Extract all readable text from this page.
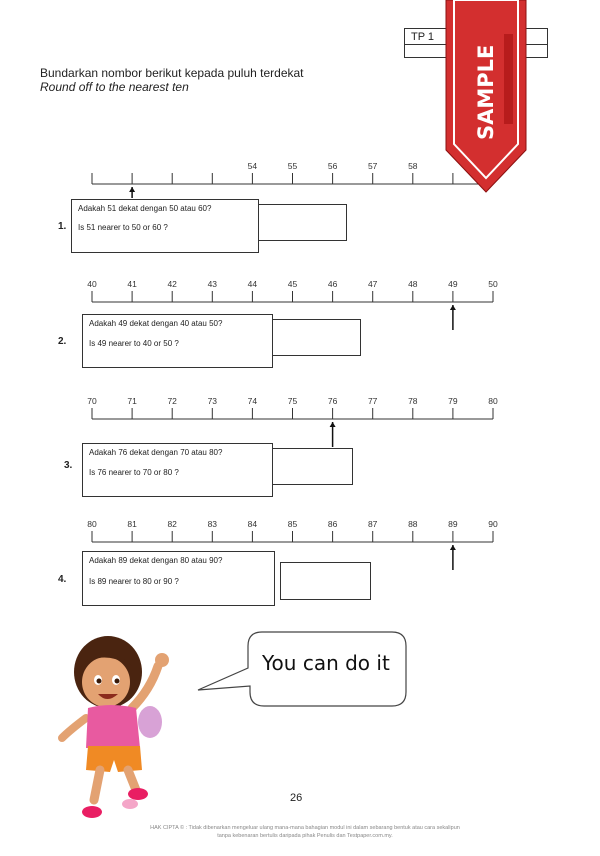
TP 1
Bundarkan nombor berikut kepada puluh terdekat
Round off to the nearest ten
54	55	56	57	58
40	41	42	43	44	45	46	47	48	49	50
70	71	72	73	74	75	76	77	78	79	80
80	81	82	83	84	85	86	87	88	89	90
1.

Adakah 51 dekat dengan 50 atau 60?

Is 51 nearer to 50 or 60 ?

2.

Adakah 49 dekat dengan 40 atau 50?

Is 49 nearer to 40 or 50 ?

3.

Adakah 76 dekat dengan 70 atau 80?

Is 76 nearer to 70 or 80 ?

4.

Adakah 89 dekat dengan 80 atau 90?

Is 89 nearer to 80 or 90 ?

You can do it
26
HAK CIPTA © : Tidak dibenarkan mengeluar ulang mana-mana bahagian modul ini dalam sebarang bentuk atau cara sekalipun tanpa kebenaran bertulis daripada pihak Penulis dan Testpaper.com.my.
SAMPLE
